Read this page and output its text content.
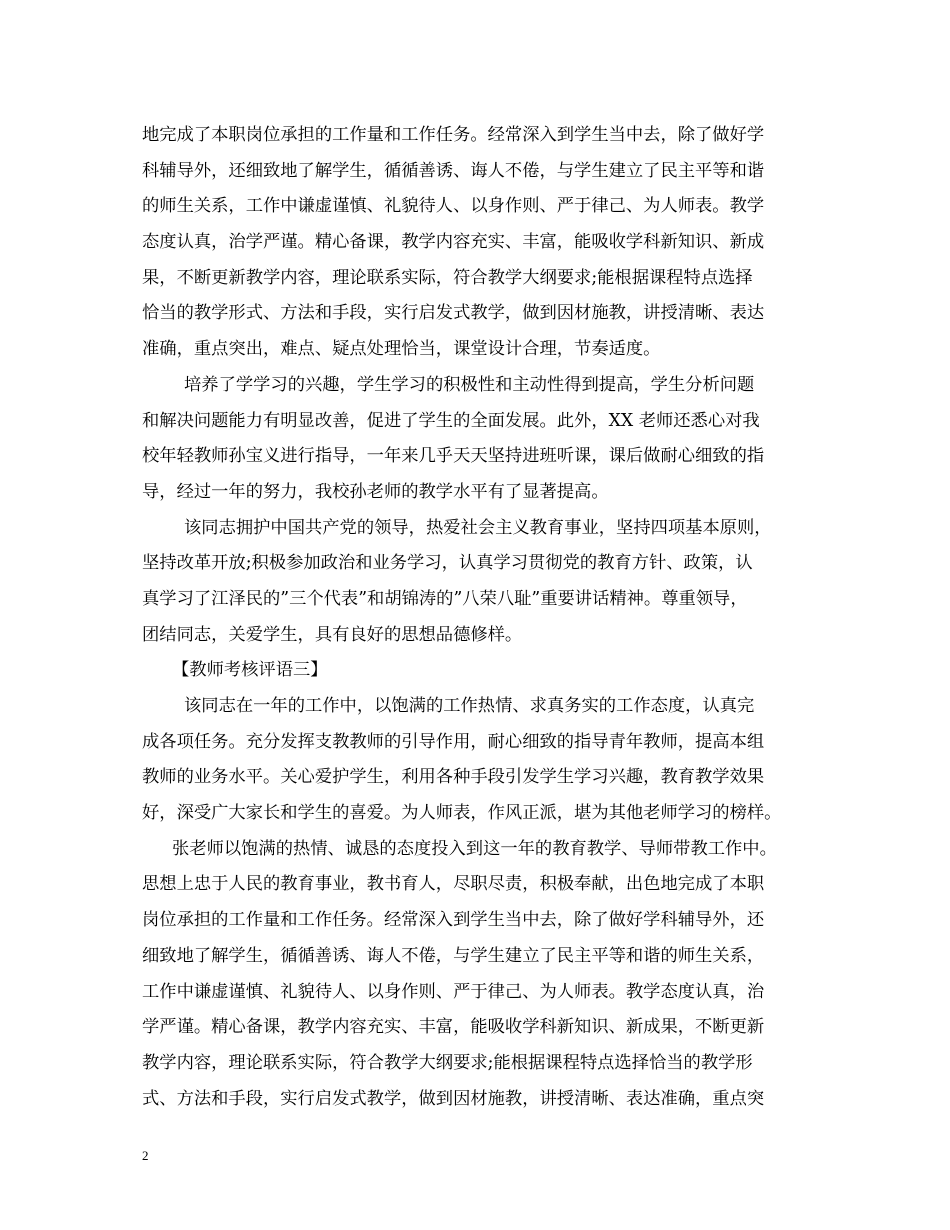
地完成了本职岗位承担的工作量和工作任务。经常深入到学生当中去，除了做好学
科辅导外，还细致地了解学生，循循善诱、诲人不倦，与学生建立了民主平等和谐
的师生关系，工作中谦虚谨慎、礼貌待人、以身作则、严于律己、为人师表。教学
态度认真，治学严谨。精心备课，教学内容充实、丰富，能吸收学科新知识、新成
果，不断更新教学内容，理论联系实际，符合教学大纲要求;能根据课程特点选择
恰当的教学形式、方法和手段，实行启发式教学，做到因材施教，讲授清晰、表达
准确，重点突出，难点、疑点处理恰当，课堂设计合理，节奏适度。
培养了学学习的兴趣，学生学习的积极性和主动性得到提高，学生分析问题
和解决问题能力有明显改善，促进了学生的全面发展。此外，XX 老师还悉心对我
校年轻教师孙宝义进行指导，一年来几乎天天坚持进班听课，课后做耐心细致的指
导，经过一年的努力，我校孙老师的教学水平有了显著提高。
该同志拥护中国共产党的领导，热爱社会主义教育事业，坚持四项基本原则，
坚持改革开放;积极参加政治和业务学习，认真学习贯彻党的教育方针、政策，认
真学习了江泽民的”三个代表”和胡锦涛的”八荣八耻”重要讲话精神。尊重领导，
团结同志，关爱学生，具有良好的思想品德修样。
【教师考核评语三】
该同志在一年的工作中，以饱满的工作热情、求真务实的工作态度，认真完
成各项任务。充分发挥支教教师的引导作用，耐心细致的指导青年教师，提高本组
教师的业务水平。关心爱护学生，利用各种手段引发学生学习兴趣，教育教学效果
好，深受广大家长和学生的喜爱。为人师表，作风正派，堪为其他老师学习的榜样。
张老师以饱满的热情、诚恳的态度投入到这一年的教育教学、导师带教工作中。
思想上忠于人民的教育事业，教书育人，尽职尽责，积极奉献，出色地完成了本职
岗位承担的工作量和工作任务。经常深入到学生当中去，除了做好学科辅导外，还
细致地了解学生，循循善诱、诲人不倦，与学生建立了民主平等和谐的师生关系，
工作中谦虚谨慎、礼貌待人、以身作则、严于律己、为人师表。教学态度认真，治
学严谨。精心备课，教学内容充实、丰富，能吸收学科新知识、新成果，不断更新
教学内容，理论联系实际，符合教学大纲要求;能根据课程特点选择恰当的教学形
式、方法和手段，实行启发式教学，做到因材施教，讲授清晰、表达准确，重点突
2
